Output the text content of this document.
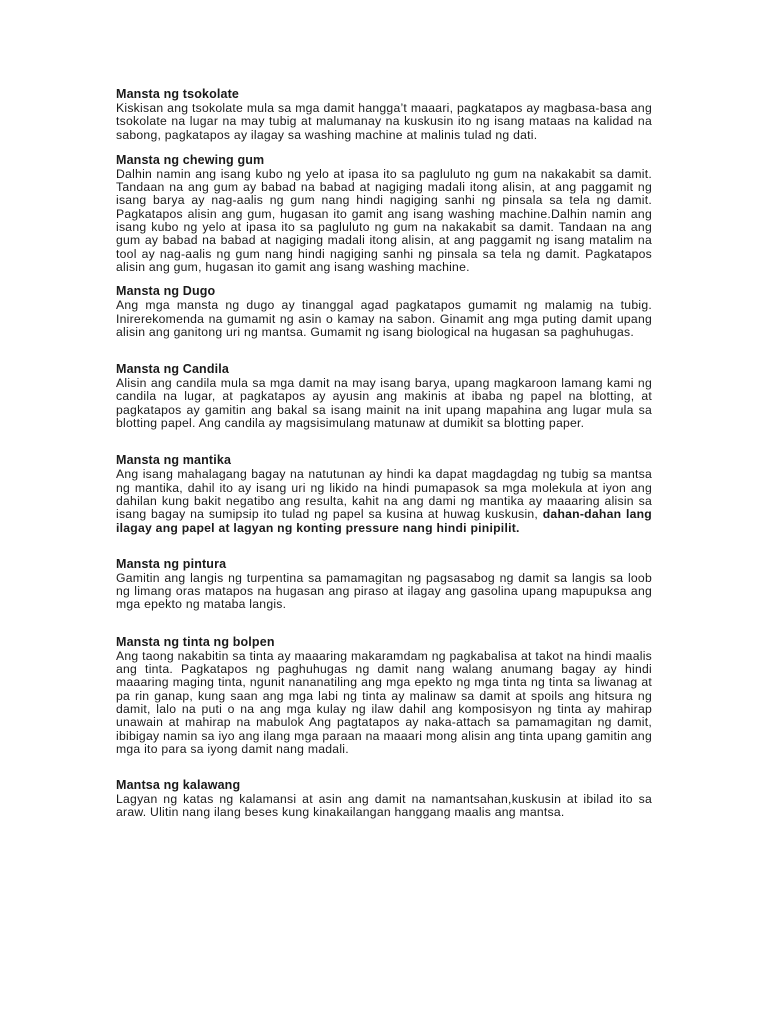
Mansta ng tsokolate

Kiskisan ang tsokolate mula sa mga damit hangga’t maaari, pagkatapos ay magbasa-basa ang tsokolate na lugar na may tubig at malumanay na kuskusin ito ng isang mataas na kalidad na sabong, pagkatapos ay ilagay sa washing machine at malinis tulad ng dati.

Mansta ng chewing gum

Dalhin namin ang isang kubo ng yelo at ipasa ito sa pagluluto ng gum na nakakabit sa damit. Tandaan na ang gum ay babad na babad at nagiging madali itong alisin, at ang paggamit ng isang barya ay nag-aalis ng gum nang hindi nagiging sanhi ng pinsala sa tela ng damit. Pagkatapos alisin ang gum, hugasan ito gamit ang isang washing machine.Dalhin namin ang isang kubo ng yelo at ipasa ito sa pagluluto ng gum na nakakabit sa damit. Tandaan na ang gum ay babad na babad at nagiging madali itong alisin, at ang paggamit ng isang matalim na tool ay nag-aalis ng gum nang hindi nagiging sanhi ng pinsala sa tela ng damit. Pagkatapos alisin ang gum, hugasan ito gamit ang isang washing machine.

Mansta ng Dugo

Ang mga mansta ng dugo ay tinanggal agad pagkatapos gumamit ng malamig na tubig. Inirerekomenda na gumamit ng asin o kamay na sabon. Ginamit ang mga puting damit upang alisin ang ganitong uri ng mantsa. Gumamit ng isang biological na hugasan sa paghuhugas.

Mansta ng Candila

Alisin ang candila mula sa mga damit na may isang barya, upang magkaroon lamang kami ng candila na lugar, at pagkatapos ay ayusin ang makinis at ibaba ng papel na blotting, at pagkatapos ay gamitin ang bakal sa isang mainit na init upang mapahina ang lugar mula sa blotting papel. Ang candila ay magsisimulang matunaw at dumikit sa blotting paper.

Mansta ng mantika

Ang isang mahalagang bagay na natutunan ay hindi ka dapat magdagdag ng tubig sa mantsa ng mantika, dahil ito ay isang uri ng likido na hindi pumapasok sa mga molekula at iyon ang dahilan kung bakit negatibo ang resulta, kahit na ang dami ng mantika ay maaaring alisin sa isang bagay na sumipsip ito tulad ng papel sa kusina at huwag kuskusin, dahan-dahan lang ilagay ang papel at lagyan ng konting pressure nang hindi pinipilit.

Mansta ng pintura

Gamitin ang langis ng turpentina sa pamamagitan ng pagsasabog ng damit sa langis sa loob ng limang oras matapos na hugasan ang piraso at ilagay ang gasolina upang mapupuksa ang mga epekto ng mataba langis.

Mansta ng tinta ng bolpen

Ang taong nakabitin sa tinta ay maaaring makaramdam ng pagkabalisa at takot na hindi maalis ang tinta. Pagkatapos ng paghuhugas ng damit nang walang anumang bagay ay hindi maaaring maging tinta, ngunit nananatiling ang mga epekto ng mga tinta ng tinta sa liwanag at pa rin ganap, kung saan ang mga labi ng tinta ay malinaw sa damit at spoils ang hitsura ng damit, lalo na puti o na ang mga kulay ng ilaw dahil ang komposisyon ng tinta ay mahirap unawain at mahirap na mabulok Ang pagtatapos ay naka-attach sa pamamagitan ng damit, ibibigay namin sa iyo ang ilang mga paraan na maaari mong alisin ang tinta upang gamitin ang mga ito para sa iyong damit nang madali.

Mantsa ng kalawang

Lagyan ng katas ng kalamansi at asin ang damit na namantsahan,kuskusin at ibilad ito sa araw. Ulitin nang ilang beses kung kinakailangan hanggang maalis ang mantsa.
